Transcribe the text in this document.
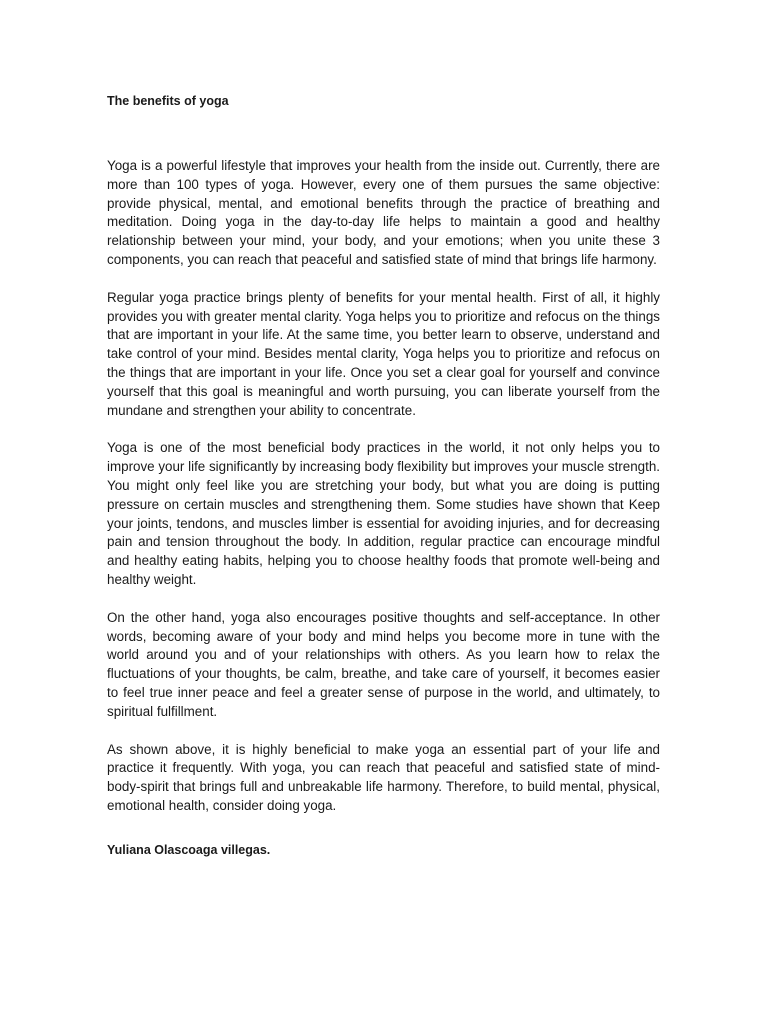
The benefits of yoga

Yoga is a powerful lifestyle that improves your health from the inside out. Currently, there are more than 100 types of yoga. However, every one of them pursues the same objective: provide physical, mental, and emotional benefits through the practice of breathing and meditation. Doing yoga in the day-to-day life helps to maintain a good and healthy relationship between your mind, your body, and your emotions; when you unite these 3 components, you can reach that peaceful and satisfied state of mind that brings life harmony.

Regular yoga practice brings plenty of benefits for your mental health. First of all, it highly provides you with greater mental clarity. Yoga helps you to prioritize and refocus on the things that are important in your life. At the same time, you better learn to observe, understand and take control of your mind. Besides mental clarity, Yoga helps you to prioritize and refocus on the things that are important in your life. Once you set a clear goal for yourself and convince yourself that this goal is meaningful and worth pursuing, you can liberate yourself from the mundane and strengthen your ability to concentrate.

Yoga is one of the most beneficial body practices in the world, it not only helps you to improve your life significantly by increasing body flexibility but improves your muscle strength. You might only feel like you are stretching your body, but what you are doing is putting pressure on certain muscles and strengthening them. Some studies have shown that Keep your joints, tendons, and muscles limber is essential for avoiding injuries, and for decreasing pain and tension throughout the body. In addition, regular practice can encourage mindful and healthy eating habits, helping you to choose healthy foods that promote well-being and healthy weight.

On the other hand, yoga also encourages positive thoughts and self-acceptance. In other words, becoming aware of your body and mind helps you become more in tune with the world around you and of your relationships with others. As you learn how to relax the fluctuations of your thoughts, be calm, breathe, and take care of yourself, it becomes easier to feel true inner peace and feel a greater sense of purpose in the world, and ultimately, to spiritual fulfillment.

As shown above, it is highly beneficial to make yoga an essential part of your life and practice it frequently. With yoga, you can reach that peaceful and satisfied state of mind-body-spirit that brings full and unbreakable life harmony. Therefore, to build mental, physical, emotional health, consider doing yoga.

Yuliana Olascoaga villegas.
